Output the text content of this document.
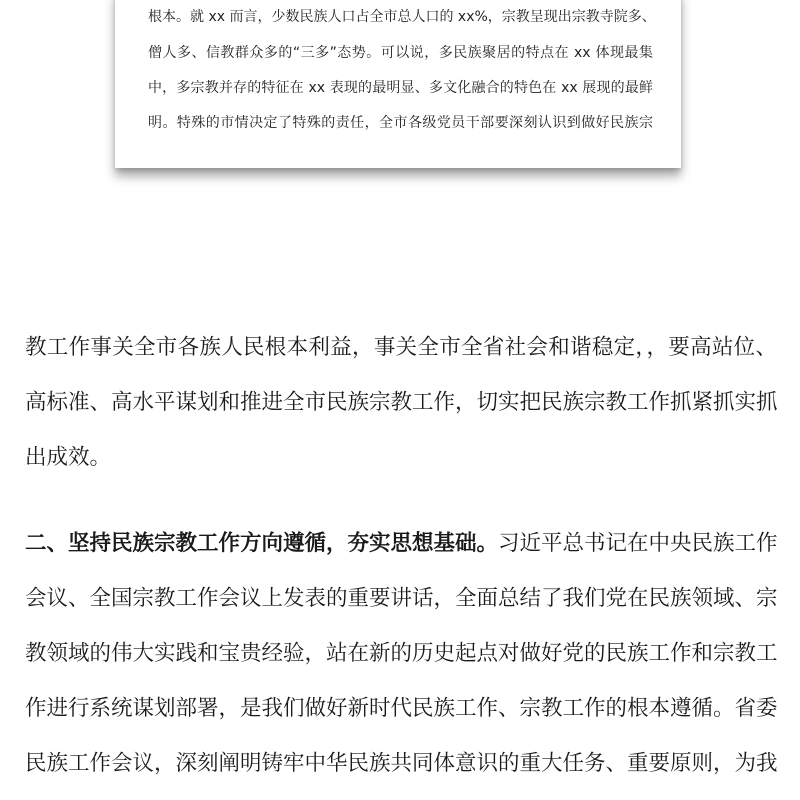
根本。就 xx 而言，少数民族人口占全市总人口的 xx%，宗教呈现出宗教寺院多、
僧人多、信教群众多的“三多”态势。可以说，多民族聚居的特点在 xx 体现最集
中，多宗教并存的特征在 xx 表现的最明显、多文化融合的特色在 xx 展现的最鲜
明。特殊的市情决定了特殊的责任，全市各级党员干部要深刻认识到做好民族宗
教工作事关全市各族人民根本利益，事关全市全省社会和谐稳定，，要高站位、
高标准、高水平谋划和推进全市民族宗教工作，切实把民族宗教工作抓紧抓实抓
出成效。
二、坚持民族宗教工作方向遵循，夯实思想基础。习近平总书记在中央民族工作
会议、全国宗教工作会议上发表的重要讲话，全面总结了我们党在民族领域、宗
教领域的伟大实践和宝贵经验，站在新的历史起点对做好党的民族工作和宗教工
作进行系统谋划部署，是我们做好新时代民族工作、宗教工作的根本遵循。省委
民族工作会议，深刻阐明铸牢中华民族共同体意识的重大任务、重要原则，为我
